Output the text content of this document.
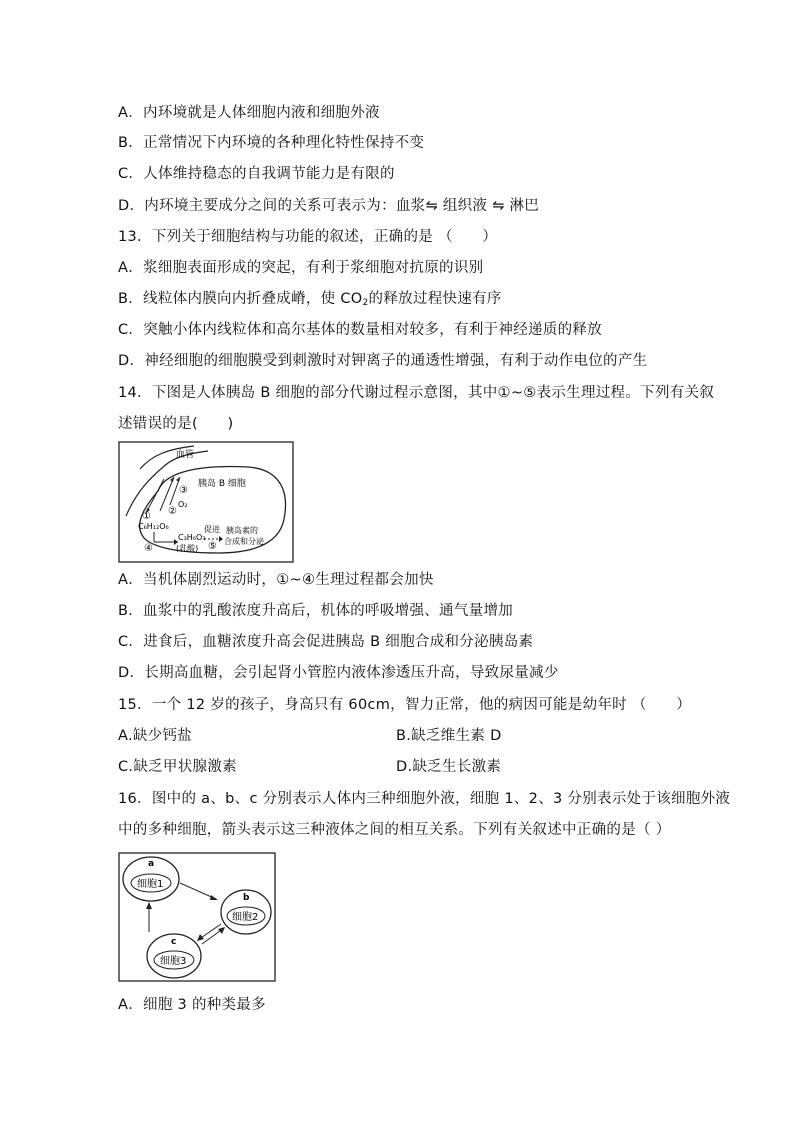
A．内环境就是人体细胞内液和细胞外液
B．正常情况下内环境的各种理化特性保持不变
C．人体维持稳态的自我调节能力是有限的
D．内环境主要成分之间的关系可表示为：血浆⇋ 组织液 ⇋ 淋巴
13．下列关于细胞结构与功能的叙述，正确的是 （　　）
A．浆细胞表面形成的突起，有利于浆细胞对抗原的识别
B．线粒体内膜向内折叠成嵴，使 $CO_2$的释放过程快速有序
C．突触小体内线粒体和高尔基体的数量相对较多，有利于神经递质的释放
D．神经细胞的细胞膜受到刺激时对钾离子的通透性增强，有利于动作电位的产生
14．下图是人体胰岛 B 细胞的部分代谢过程示意图，其中①~⑤表示生理过程。下列有关叙
述错误的是(　　)
血管
胰岛 B 细胞
③
O₂
②
①
C₆H₁₂O₆
④
C₃H₆O₃
(乳酸)
促进
⑤
胰岛素的
合成和分泌
A．当机体剧烈运动时，①~④生理过程都会加快
B．血浆中的乳酸浓度升高后，机体的呼吸增强、通气量增加
C．进食后，血糖浓度升高会促进胰岛 B 细胞合成和分泌胰岛素
D．长期高血糖，会引起肾小管腔内液体渗透压升高，导致尿量减少
15．一个 12 岁的孩子，身高只有 60cm，智力正常，他的病因可能是幼年时 （　　）
A.缺少钙盐	B.缺乏维生素 D
C.缺乏甲状腺激素	D.缺乏生长激素
16．图中的 a、b、c 分别表示人体内三种细胞外液，细胞 1、2、3 分别表示处于该细胞外液
中的多种细胞，箭头表示这三种液体之间的相互关系。下列有关叙述中正确的是（ ）
a
细胞1
b
细胞2
c
细胞3
A．细胞 3 的种类最多
